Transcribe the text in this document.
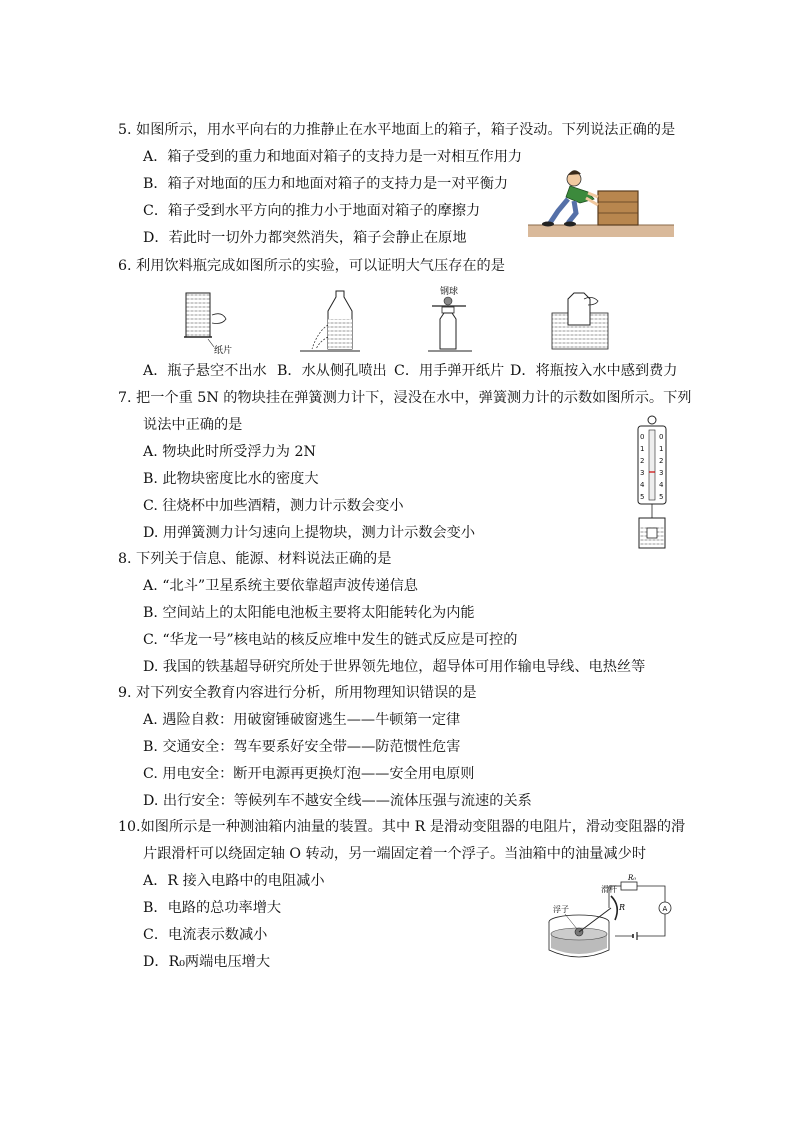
5. 如图所示，用水平向右的力推静止在水平地面上的箱子，箱子没动。下列说法正确的是
A．箱子受到的重力和地面对箱子的支持力是一对相互作用力
B．箱子对地面的压力和地面对箱子的支持力是一对平衡力
C．箱子受到水平方向的推力小于地面对箱子的摩擦力
D．若此时一切外力都突然消失，箱子会静止在原地
6. 利用饮料瓶完成如图所示的实验，可以证明大气压存在的是
纸片
钢球
A．瓶子悬空不出水 B．水从侧孔喷出 C．用手弹开纸片 D．将瓶按入水中感到费力
7. 把一个重 5N 的物块挂在弹簧测力计下，浸没在水中，弹簧测力计的示数如图所示。下列
说法中正确的是
A. 物块此时所受浮力为 2N
B. 此物块密度比水的密度大
C. 往烧杯中加些酒精，测力计示数会变小
D. 用弹簧测力计匀速向上提物块，测力计示数会变小
0
1
2
3
4
5
0
1
2
3
4
5
8. 下列关于信息、能源、材料说法正确的是
A. “北斗”卫星系统主要依靠超声波传递信息
B. 空间站上的太阳能电池板主要将太阳能转化为内能
C. “华龙一号”核电站的核反应堆中发生的链式反应是可控的
D. 我国的铁基超导研究所处于世界领先地位，超导体可用作输电导线、电热丝等
9. 对下列安全教育内容进行分析，所用物理知识错误的是
A. 遇险自救：用破窗锤破窗逃生——牛顿第一定律
B. 交通安全：驾车要系好安全带——防范惯性危害
C. 用电安全：断开电源再更换灯泡——安全用电原则
D. 出行安全：等候列车不越安全线——流体压强与流速的关系
10.如图所示是一种测油箱内油量的装置。其中 R 是滑动变阻器的电阻片，滑动变阻器的滑
片跟滑杆可以绕固定轴 O 转动，另一端固定着一个浮子。当油箱中的油量减少时
A．R 接入电路中的电阻减小
B．电路的总功率增大
C．电流表示数减小
D．R₀两端电压增大
A
R₀
R
滑杆
浮子
